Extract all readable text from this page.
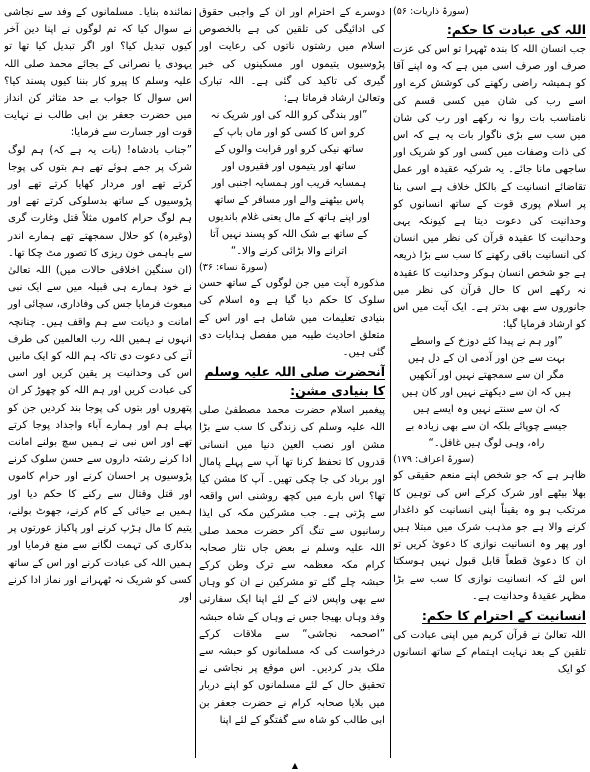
(سورۃ ذاریات: ۵۶)

اللہ کی عبادت کا حکم:

جب انسان اللہ کا بندہ ٹھہرا تو اس کی عزت صرف اور صرف اسی میں ہے کہ وہ اپنے آقا کو ہمیشہ راضی رکھنے کی کوشش کرے اور اسے رب کی شان میں کسی قسم کی نامناسب بات روا نہ رکھے اور رب کی شان میں سب سے بڑی ناگوار بات یہ ہے کہ اس کی ذات وصفات میں کسی اور کو شریک اور ساجھی مانا جائے۔ یہ شرکیہ عقیدہ اور عمل تقاضائے انسانیت کے بالکل خلاف ہے اسی بنا پر اسلام پوری قوت کے ساتھ انسانوں کو وحدانیت کی دعوت دیتا ہے کیونکہ یہی وحدانیت کا عقیدہ قرآن کی نظر میں انسان کی انسانیت باقی رکھنے کا سب سے بڑا ذریعہ ہے جو شخص انسان ہوکر وحدانیت کا عقیدہ نہ رکھے اس کا حال قرآن کی نظر میں جانوروں سے بھی بدتر ہے۔ ایک آیت میں اس کو ارشاد فرمایا گیا:

”اور ہم نے پیدا کئے دوزخ کے واسطے بہت سے جن اور آدمی ان کے دل ہیں مگر ان سے سمجھتے نہیں اور آنکھیں ہیں کہ ان سے دیکھتے نہیں اور کان ہیں کہ ان سے سنتے نہیں وہ ایسے ہیں جیسے چوپائے بلکہ ان سے بھی زیادہ بے راہ، وہی لوگ ہیں غافل۔“

(سورۃ اعراف: ۱۷۹)

ظاہر ہے کہ جو شخص اپنے منعم حقیقی کو بھلا بیٹھے اور شرک کرکے اس کی توہین کا مرتکب ہو وہ یقیناً اپنی انسانیت کو داغدار کرنے والا ہے جو مذہب شرک میں مبتلا ہیں اور پھر وہ انسانیت نوازی کا دعویٰ کریں تو ان کا دعویٰ قطعاً قابل قبول نہیں ہوسکتا اس لئے کہ انسانیت نوازی کا سب سے بڑا مظہر عقیدۂ وحدانیت ہے۔

انسانیت کے احترام کا حکم:

اللہ تعالیٰ نے قرآن کریم میں اپنی عبادت کی تلقین کے بعد نہایت اہتمام کے ساتھ انسانوں کو ایک

دوسرے کے احترام اور ان کے واجبی حقوق کی ادائیگی کی تلقین کی ہے بالخصوص اسلام میں رشتوں ناتوں کی رعایت اور پڑوسیوں یتیموں اور مسکینوں کی خبر گیری کی تاکید کی گئی ہے۔ اللہ تبارک وتعالیٰ ارشاد فرماتا ہے:

”اور بندگی کرو اللہ کی اور شریک نہ کرو اس کا کسی کو اور ماں باپ کے ساتھ نیکی کرو اور قرابت والوں کے ساتھ اور یتیموں اور فقیروں اور ہمسایہ قریب اور ہمسایہ اجنبی اور پاس بیٹھنے والے اور مسافر کے ساتھ اور اپنے ہاتھ کے مال یعنی غلام باندیوں کے ساتھ بے شک اللہ کو پسند نہیں آتا اترانے والا بڑائی کرنے والا۔“

(سورۃ نساء: ۳۶)

مذکورہ آیت میں جن لوگوں کے ساتھ حسن سلوک کا حکم دیا گیا ہے وہ اسلام کی بنیادی تعلیمات میں شامل ہے اور اس کے متعلق احادیث طیبہ میں مفصل ہدایات دی گئی ہیں۔

آنحضرت صلی اللہ علیہ وسلم کا بنیادی مشن:

پیغمبر اسلام حضرت محمد مصطفیٰ صلی اللہ علیہ وسلم کی زندگی کا سب سے بڑا مشن اور نصب العین دنیا میں انسانی قدروں کا تحفظ کرنا تھا آپ سے پہلے پامال اور برباد کی جا چکی تھیں۔ آپ کا مشن کیا تھا؟ اس بارے میں کچھ روشنی اس واقعہ سے پڑتی ہے۔ جب مشرکین مکہ کی ایذا رسانیوں سے تنگ آکر حضرت محمد صلی اللہ علیہ وسلم نے بعض جاں نثار صحابہ کرام مکہ معظمہ سے ترک وطن کرکے حبشہ چلے گئے تو مشرکین نے ان کو وہاں سے بھی واپس لانے کے لئے اپنا ایک سفارتی وفد وہاں بھیجا جس نے وہاں کے شاہ حبشہ ”اصحمہ نجاشی“ سے ملاقات کرکے درخواست کی کہ مسلمانوں کو حبشہ سے ملک بدر کردیں۔ اس موقع پر نجاشی نے تحقیق حال کے لئے مسلمانوں کو اپنے دربار میں بلایا صحابہ کرام نے حضرت جعفر بن ابی طالب کو شاہ سے گفتگو کے لئے اپنا

نمائندہ بنایا۔ مسلمانوں کے وفد سے نجاشی نے سوال کیا کہ تم لوگوں نے اپنا دین آخر کیوں تبدیل کیا؟ اور اگر تبدیل کیا تھا تو یہودی یا نصرانی کے بجائے محمد صلی اللہ علیہ وسلم کا پیرو کار بننا کیوں پسند کیا؟ اس سوال کا جواب بے حد متاثر کن انداز میں حضرت جعفر بن ابی طالب نے نہایت قوت اور جسارت سے فرمایا:

”جناب بادشاہ! (بات یہ ہے کہ) ہم لوگ شرک پر جمے ہوئے تھے ہم بتوں کی پوجا کرتے تھے اور مردار کھایا کرتے تھے اور پڑوسیوں کے ساتھ بدسلوکی کرتے تھے اور ہم لوگ حرام کاموں مثلاً قتل وغارت گری (وغیرہ) کو حلال سمجھتے تھے ہمارے اندر سے باہمی خون ریزی کا تصور مٹ چکا تھا۔ (ان سنگین اخلاقی حالات میں) اللہ تعالیٰ نے خود ہمارے ہی قبیلہ میں سے ایک نبی مبعوث فرمایا جس کی وفاداری، سچائی اور امانت و دیانت سے ہم واقف ہیں۔ چنانچہ انہوں نے ہمیں اللہ رب العالمین کی طرف آنے کی دعوت دی تاکہ ہم اللہ کو ایک مانیں اس کی وحدانیت پر یقین کریں اور اسی کی عبادت کریں اور ہم اللہ کو چھوڑ کر ان پتھروں اور بتوں کی پوجا بند کردیں جن کو پہلے ہم اور ہمارے آباء واجداد پوجا کرتے تھے اور اس نبی نے ہمیں سچ بولنے امانت ادا کرنے رشتہ داروں سے حسن سلوک کرنے پڑوسیوں پر احسان کرنے اور حرام کاموں اور قتل وقتال سے رکنے کا حکم دیا اور ہمیں بے حیائی کے کام کرنے، جھوٹ بولنے، یتیم کا مال ہڑپ کرنے اور پاکباز عورتوں پر بدکاری کی تہمت لگانے سے منع فرمایا اور ہمیں اللہ کی عبادت کرنے اور اس کے ساتھ کسی کو شریک نہ ٹھہرانے اور نماز ادا کرنے اور

▲
